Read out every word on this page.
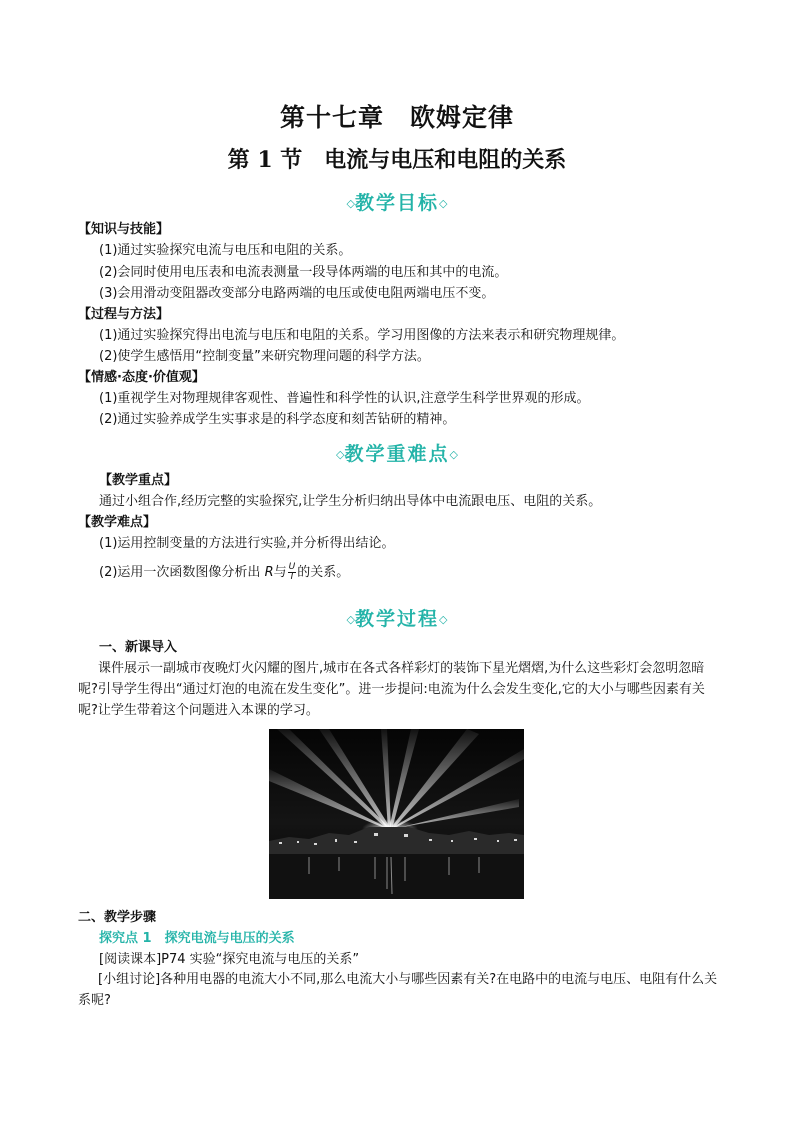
第十七章　欧姆定律
第 1 节　电流与电压和电阻的关系
◇教学目标◇
【知识与技能】
(1)通过实验探究电流与电压和电阻的关系。
(2)会同时使用电压表和电流表测量一段导体两端的电压和其中的电流。
(3)会用滑动变阻器改变部分电路两端的电压或使电阻两端电压不变。
【过程与方法】
(1)通过实验探究得出电流与电压和电阻的关系。学习用图像的方法来表示和研究物理规律。
(2)使学生感悟用“控制变量”来研究物理问题的科学方法。
【情感·态度·价值观】
(1)重视学生对物理规律客观性、普遍性和科学性的认识,注意学生科学世界观的形成。
(2)通过实验养成学生实事求是的科学态度和刻苦钻研的精神。
◇教学重难点◇
【教学重点】
通过小组合作,经历完整的实验探究,让学生分析归纳出导体中电流跟电压、电阻的关系。
【教学难点】
(1)运用控制变量的方法进行实验,并分析得出结论。
(2)运用一次函数图像分析出 R与 $\frac{U}{I}$ 的关系。
◇教学过程◇
一、新课导入
课件展示一副城市夜晚灯火闪耀的图片,城市在各式各样彩灯的装饰下星光熠熠,为什么这些彩灯会忽明忽暗呢?引导学生得出“通过灯泡的电流在发生变化”。进一步提问:电流为什么会发生变化,它的大小与哪些因素有关呢?让学生带着这个问题进入本课的学习。
二、教学步骤
探究点 1　探究电流与电压的关系
[阅读课本]P74 实验“探究电流与电压的关系”
[小组讨论]各种用电器的电流大小不同,那么电流大小与哪些因素有关?在电路中的电流与电压、电阻有什么关系呢?
